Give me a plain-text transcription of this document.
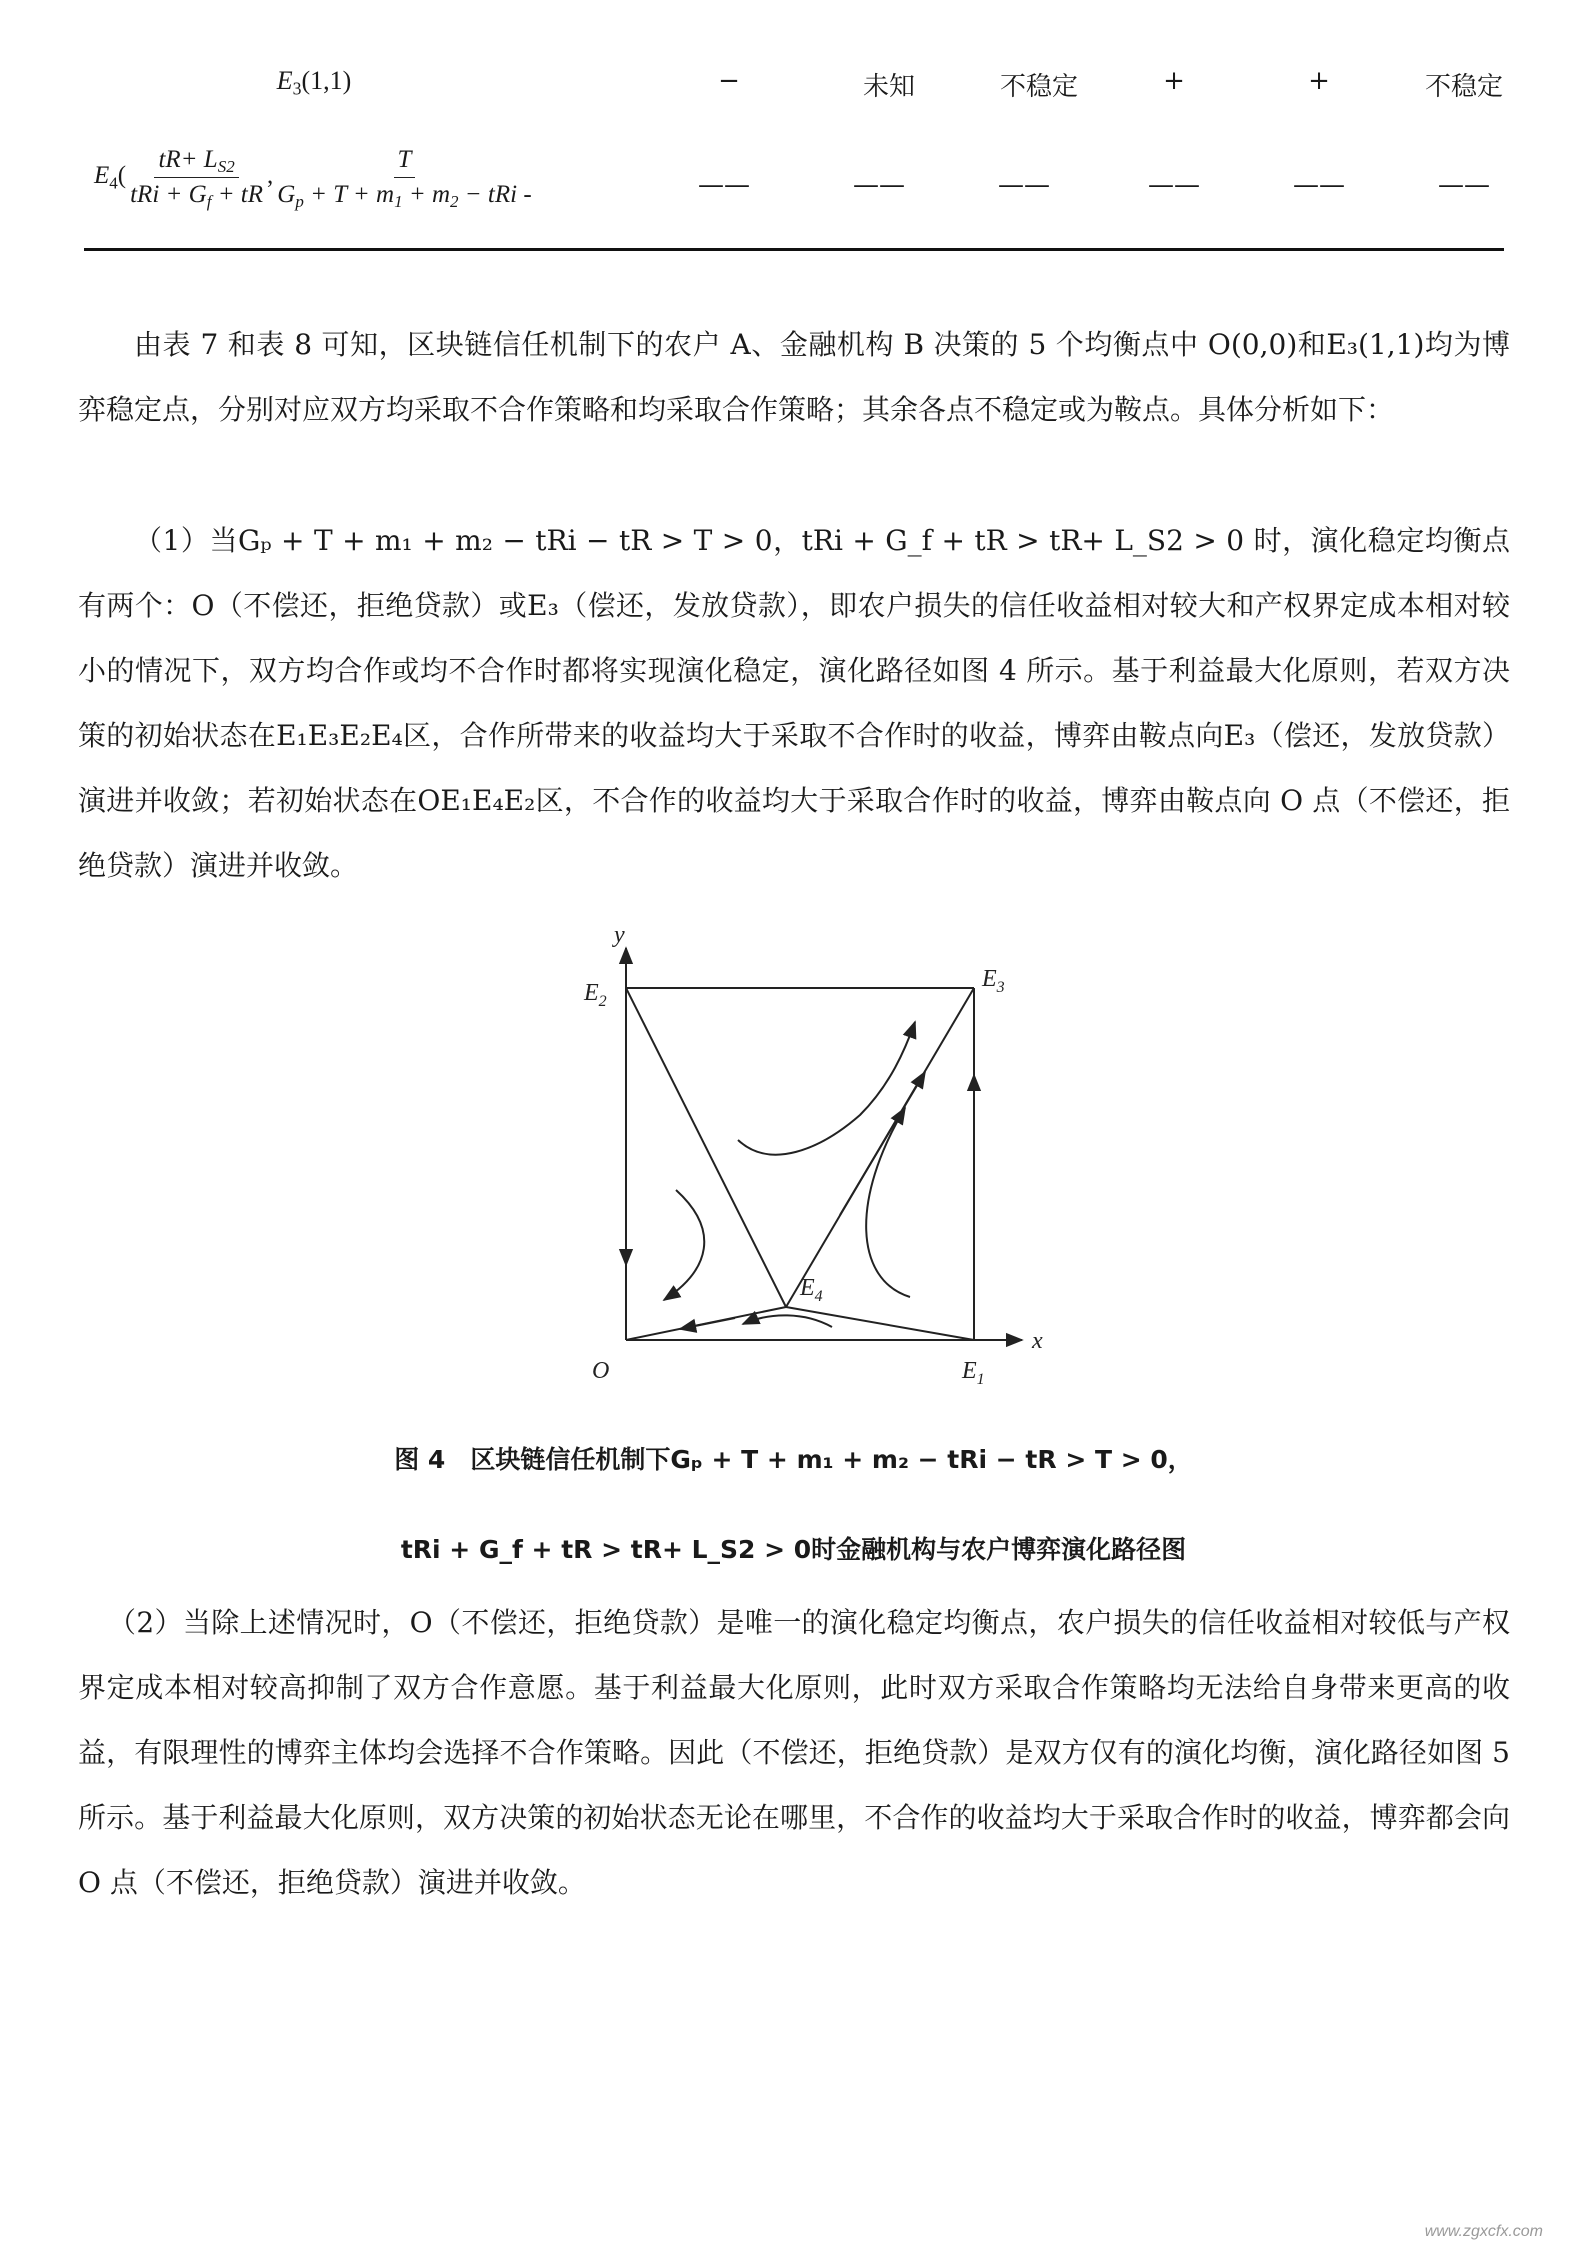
$E_3(1,1)$	−	未知	不稳定	+	+	不稳定
$E_4( \frac{tR+ L_{S2}}{tRi + G_f + tR}$ , $\frac{T}{G_p + T + m_1 + m_2 - tRi -}$	——	——	——	——	——	——
由表 7 和表 8 可知，区块链信任机制下的农户 A、金融机构 B 决策的 5 个均衡点中 O(0,0)和E₃(1,1)均为博弈稳定点，分别对应双方均采取不合作策略和均采取合作策略；其余各点不稳定或为鞍点。具体分析如下：
（1）当Gₚ + T + m₁ + m₂ − tRi − tR > T > 0，tRi + G_f + tR > tR+ L_S2 > 0 时，演化稳定均衡点有两个：O（不偿还，拒绝贷款）或E₃（偿还，发放贷款），即农户损失的信任收益相对较大和产权界定成本相对较小的情况下，双方均合作或均不合作时都将实现演化稳定，演化路径如图 4 所示。基于利益最大化原则，若双方决策的初始状态在E₁E₃E₂E₄区，合作所带来的收益均大于采取不合作时的收益，博弈由鞍点向E₃（偿还，发放贷款）演进并收敛；若初始状态在OE₁E₄E₂区，不合作的收益均大于采取合作时的收益，博弈由鞍点向 O 点（不偿还，拒绝贷款）演进并收敛。
y
x
O
$E_2$
$E_3$
$E_4$
$E_1$
图 4　区块链信任机制下Gₚ + T + m₁ + m₂ − tRi − tR > T > 0，
tRi + G_f + tR > tR+ L_S2 > 0时金融机构与农户博弈演化路径图
（2）当除上述情况时，O（不偿还，拒绝贷款）是唯一的演化稳定均衡点，农户损失的信任收益相对较低与产权界定成本相对较高抑制了双方合作意愿。基于利益最大化原则，此时双方采取合作策略均无法给自身带来更高的收益，有限理性的博弈主体均会选择不合作策略。因此（不偿还，拒绝贷款）是双方仅有的演化均衡，演化路径如图 5 所示。基于利益最大化原则，双方决策的初始状态无论在哪里，不合作的收益均大于采取合作时的收益，博弈都会向 O 点（不偿还，拒绝贷款）演进并收敛。
www.zgxcfx.com
